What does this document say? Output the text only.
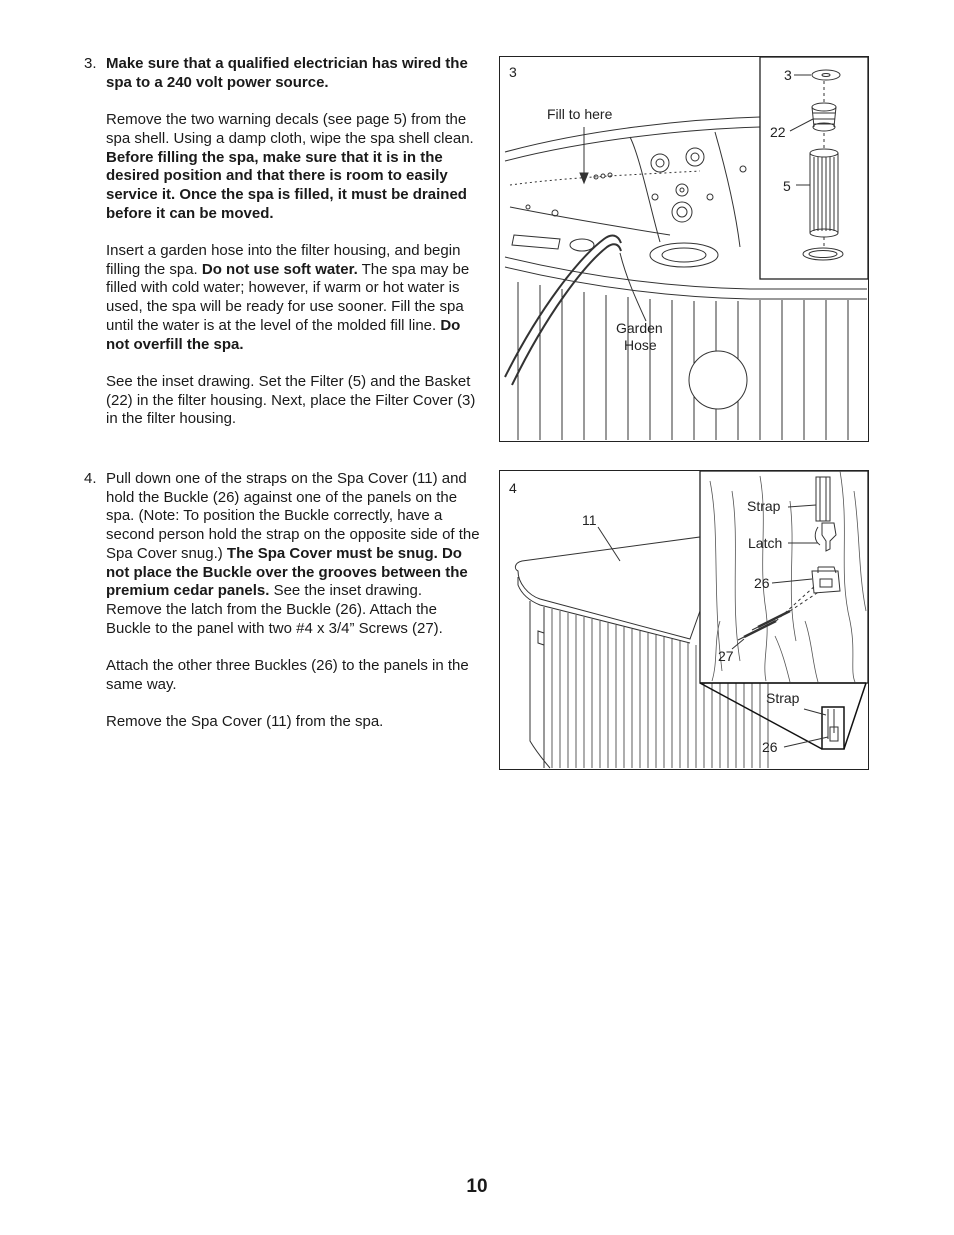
3. Make sure that a qualified electrician has wired the spa to a 240 volt power source.

Remove the two warning decals (see page 5) from the spa shell. Using a damp cloth, wipe the spa shell clean. Before filling the spa, make sure that it is in the desired position and that there is room to easily service it. Once the spa is filled, it must be drained before it can be moved.

Insert a garden hose into the filter housing, and begin filling the spa. Do not use soft water. The spa may be filled with cold water; however, if warm or hot water is used, the spa will be ready for use sooner. Fill the spa until the water is at the level of the molded fill line. Do not overfill the spa.

See the inset drawing. Set the Filter (5) and the Basket (22) in the filter housing. Next, place the Filter Cover (3) in the filter housing.

4. Pull down one of the straps on the Spa Cover (11) and hold the Buckle (26) against one of the panels on the spa. (Note: To position the Buckle correctly, have a second person hold the strap on the opposite side of the Spa Cover snug.) The Spa Cover must be snug. Do not place the Buckle over the grooves between the premium cedar panels. See the inset drawing. Remove the latch from the Buckle (26). Attach the Buckle to the panel with two #4 x 3/4” Screws (27).

Attach the other three Buckles (26) to the panels in the same way.

Remove the Spa Cover (11) from the spa.

3
Fill to here
Garden
Hose
3
22
5
4
11
Strap
Latch
26
27
Strap
26
10
